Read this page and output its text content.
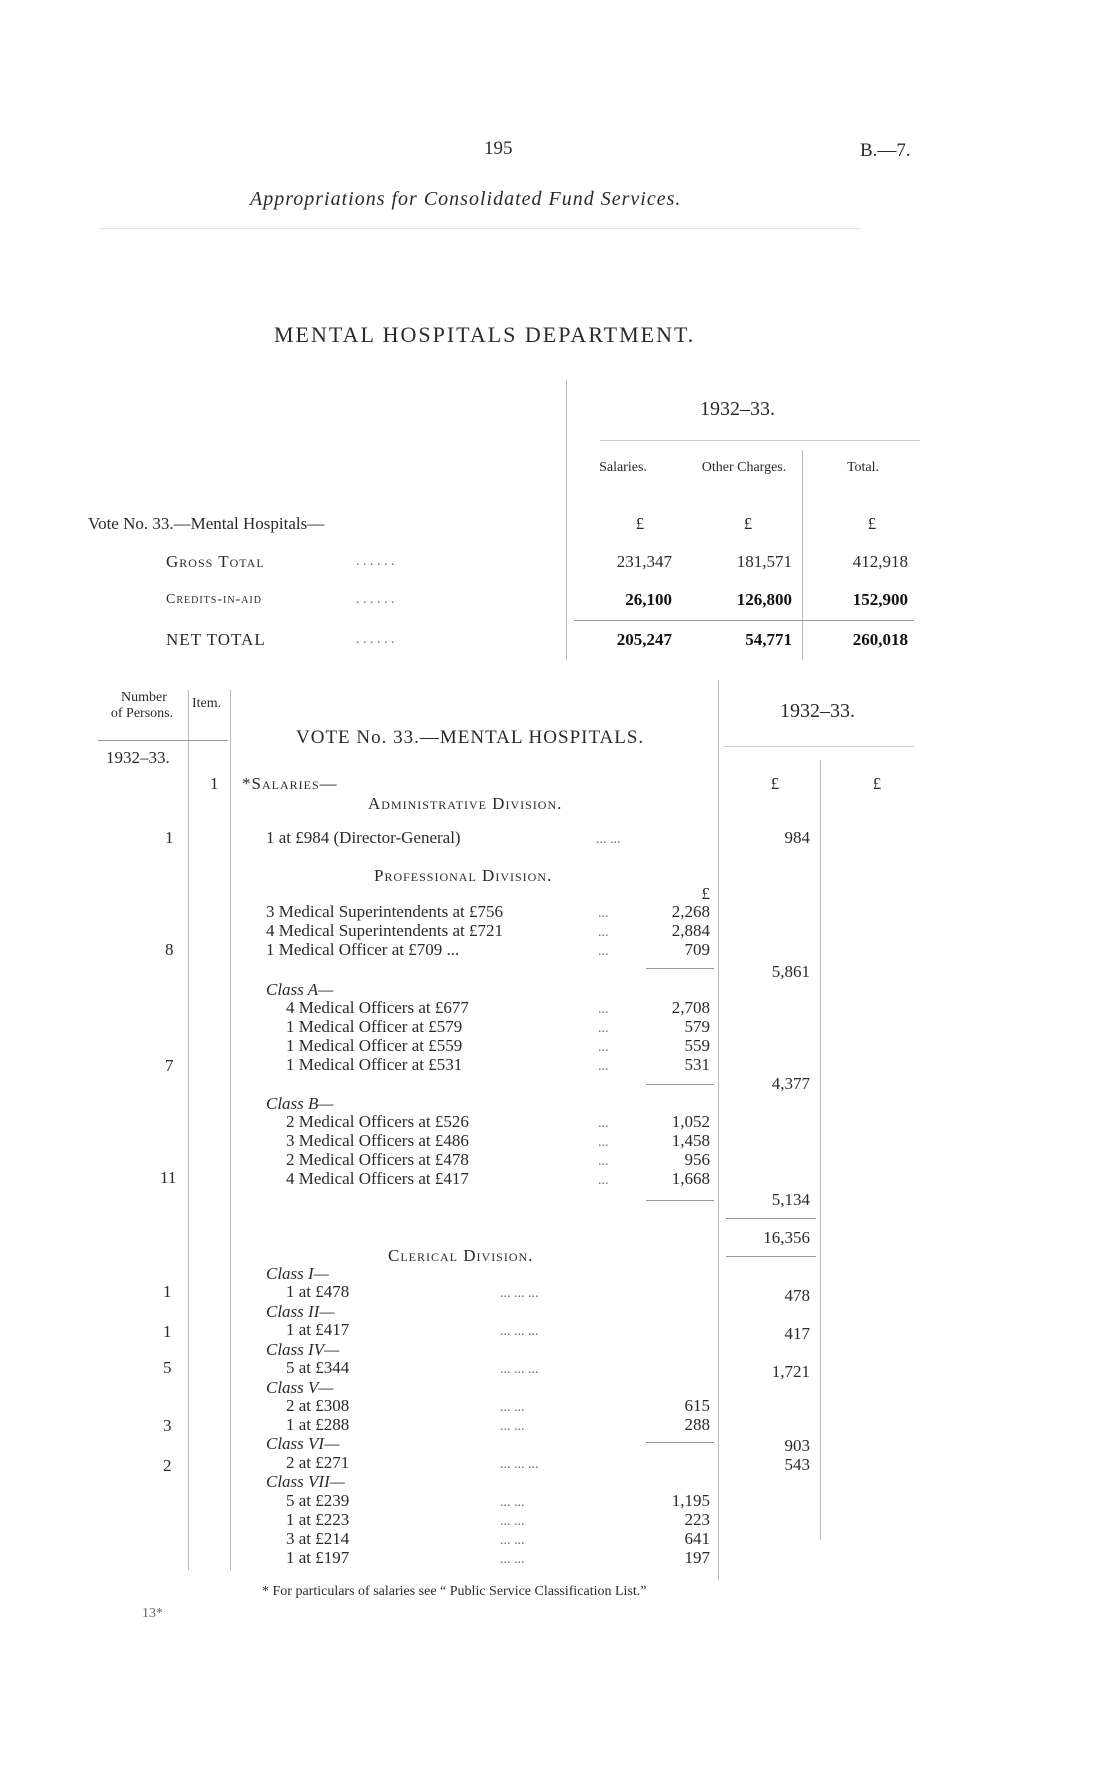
195	B.—7.
Appropriations for Consolidated Fund Services.
MENTAL HOSPITALS DEPARTMENT.
1932–33.
Salaries.	Other Charges.	Total.
Vote No. 33.—Mental Hospitals—	£	£	£
Gross Total	. . . . . .	231,347	181,571	412,918
Credits-in-aid	. . . . . .	26,100	126,800	152,900
NET TOTAL	. . . . . .	205,247	54,771	260,018
Number
of Persons.
Item.
1932–33.
VOTE No. 33.—MENTAL HOSPITALS.
1932–33.
£	£
1 *Salaries—
Administrative Division.
1	1 at £984 (Director-General)	... ...	984
Professional Division.
£
3 Medical Superintendents at £756	...	2,268
4 Medical Superintendents at £721	...	2,884
8	1 Medical Officer at £709 ...	...	709
5,861
Class A—
4 Medical Officers at £677	...	2,708
1 Medical Officer at £579	...	579
1 Medical Officer at £559	...	559
7	1 Medical Officer at £531	...	531
4,377
Class B—
2 Medical Officers at £526	...	1,052
3 Medical Officers at £486	...	1,458
2 Medical Officers at £478	...	956
11	4 Medical Officers at £417	...	1,668
5,134
16,356
Clerical Division.
Class I—
1	1 at £478	... ... ...	478
Class II—
1	1 at £417	... ... ...	417
Class IV—
5	5 at £344	... ... ...	1,721
Class V—
2 at £308	... ...	615
3	1 at £288	... ...	288
903
Class VI—
2	2 at £271	... ... ...	543
Class VII—
5 at £239	... ...	1,195
1 at £223	... ...	223
3 at £214	... ...	641
1 at £197	... ...	197
* For particulars of salaries see “ Public Service Classification List.”
13*
